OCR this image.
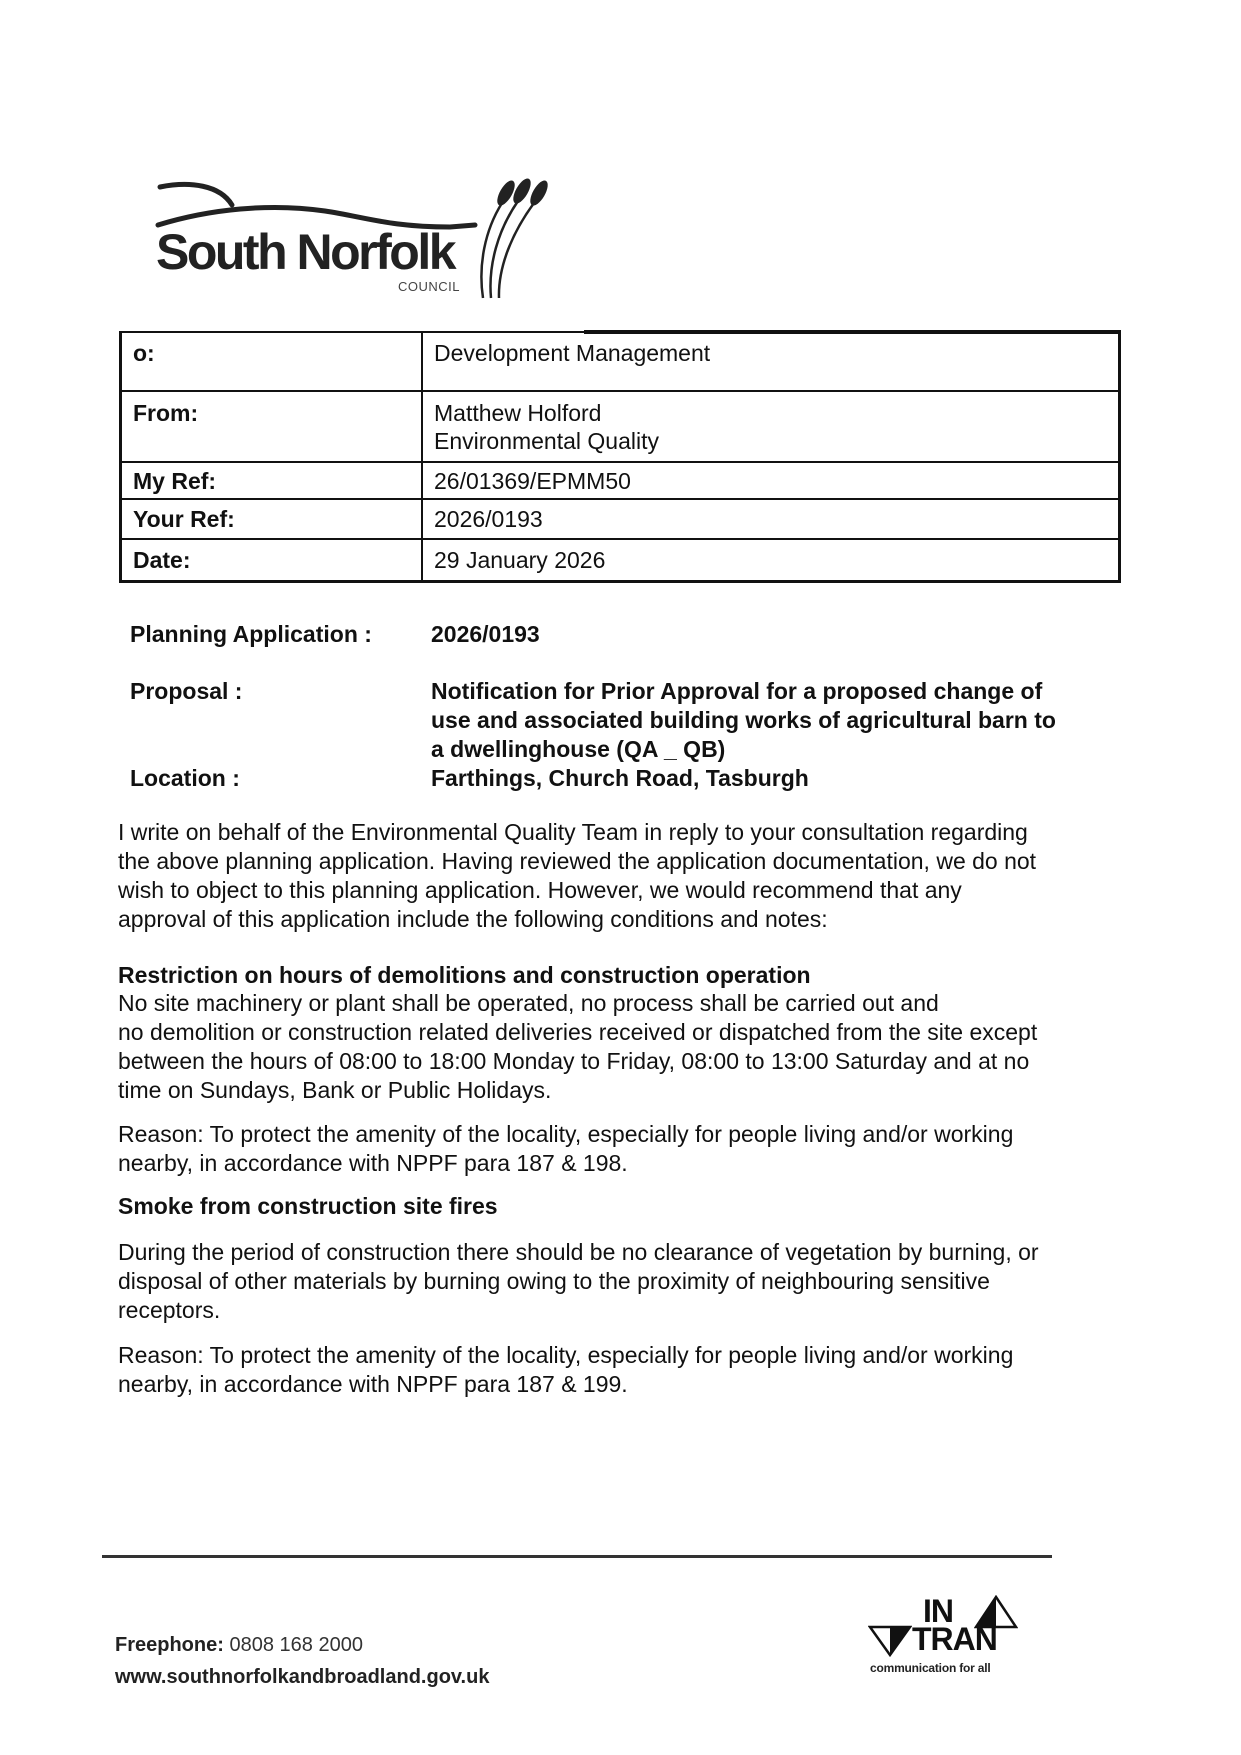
South Norfolk
COUNCIL
o:	Development Management
From:	Matthew Holford
Environmental Quality

My Ref:	26/01369/EPMM50
Your Ref:	2026/0193
Date:	29 January 2026
Planning Application :	2026/0193
Proposal :	Notification for Prior Approval for a proposed change of
use and associated building works of agricultural barn to
a dwellinghouse (QA _ QB)
Location :	Farthings, Church Road, Tasburgh
I write on behalf of the Environmental Quality Team in reply to your consultation regarding
the above planning application. Having reviewed the application documentation, we do not
wish to object to this planning application. However, we would recommend that any
approval of this application include the following conditions and notes:
Restriction on hours of demolitions and construction operation
No site machinery or plant shall be operated, no process shall be carried out and
no demolition or construction related deliveries received or dispatched from the site except
between the hours of 08:00 to 18:00 Monday to Friday, 08:00 to 13:00 Saturday and at no
time on Sundays, Bank or Public Holidays.
Reason: To protect the amenity of the locality, especially for people living and/or working
nearby, in accordance with NPPF para 187 & 198.
Smoke from construction site fires
During the period of construction there should be no clearance of vegetation by burning, or
disposal of other materials by burning owing to the proximity of neighbouring sensitive
receptors.
Reason: To protect the amenity of the locality, especially for people living and/or working
nearby, in accordance with NPPF para 187 & 199.
Freephone: 0808 168 2000
www.southnorfolkandbroadland.gov.uk
IN
TRAN
communication for all
